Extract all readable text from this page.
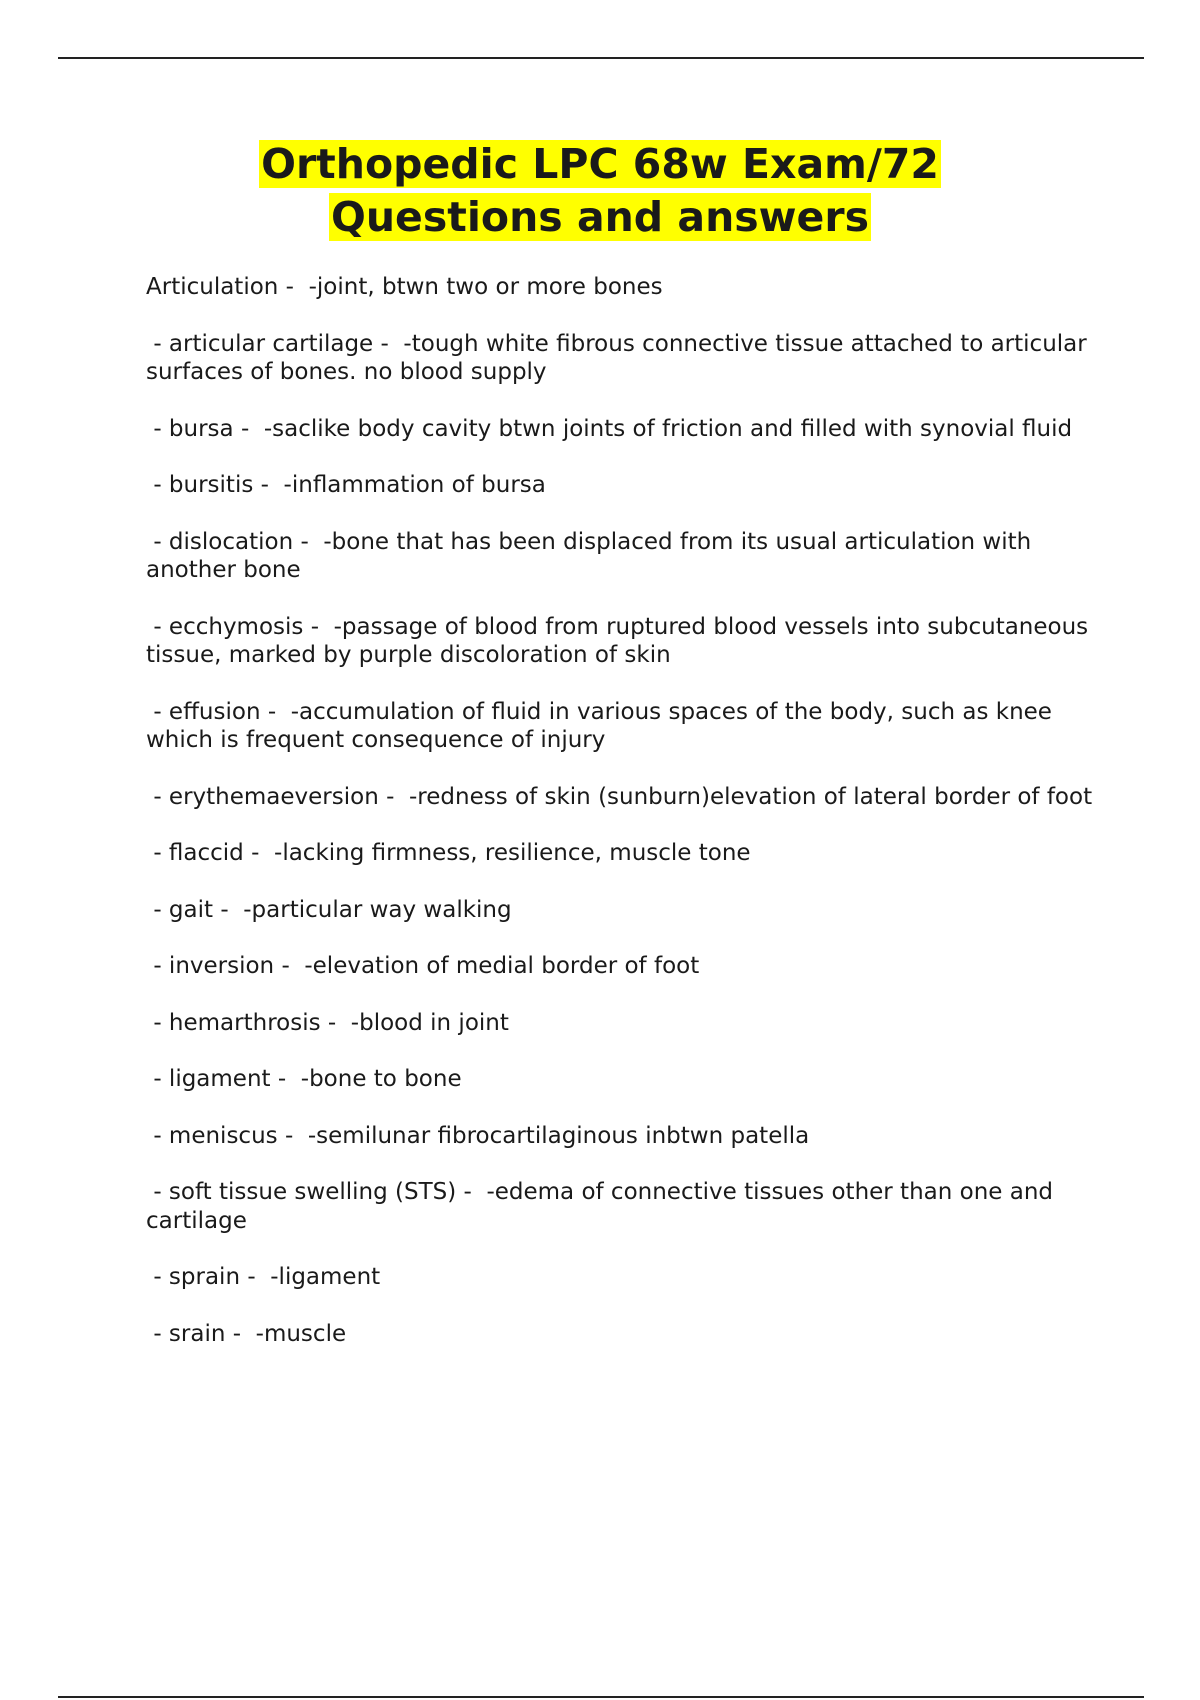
Orthopedic LPC 68w Exam/72
Questions and answers
Articulation -  -joint, btwn two or more bones
- articular cartilage -  -tough white fibrous connective tissue attached to articular surfaces of bones. no blood supply
- bursa -  -saclike body cavity btwn joints of friction and filled with synovial fluid
- bursitis -  -inflammation of bursa
- dislocation -  -bone that has been displaced from its usual articulation with another bone
- ecchymosis -  -passage of blood from ruptured blood vessels into subcutaneous tissue, marked by purple discoloration of skin
- effusion -  -accumulation of fluid in various spaces of the body, such as knee which is frequent consequence of injury
- erythemaeversion -  -redness of skin (sunburn)elevation of lateral border of foot
- flaccid -  -lacking firmness, resilience, muscle tone
- gait -  -particular way walking
- inversion -  -elevation of medial border of foot
- hemarthrosis -  -blood in joint
- ligament -  -bone to bone
- meniscus -  -semilunar fibrocartilaginous inbtwn patella
- soft tissue swelling (STS) -  -edema of connective tissues other than one and cartilage
- sprain -  -ligament
- srain -  -muscle
